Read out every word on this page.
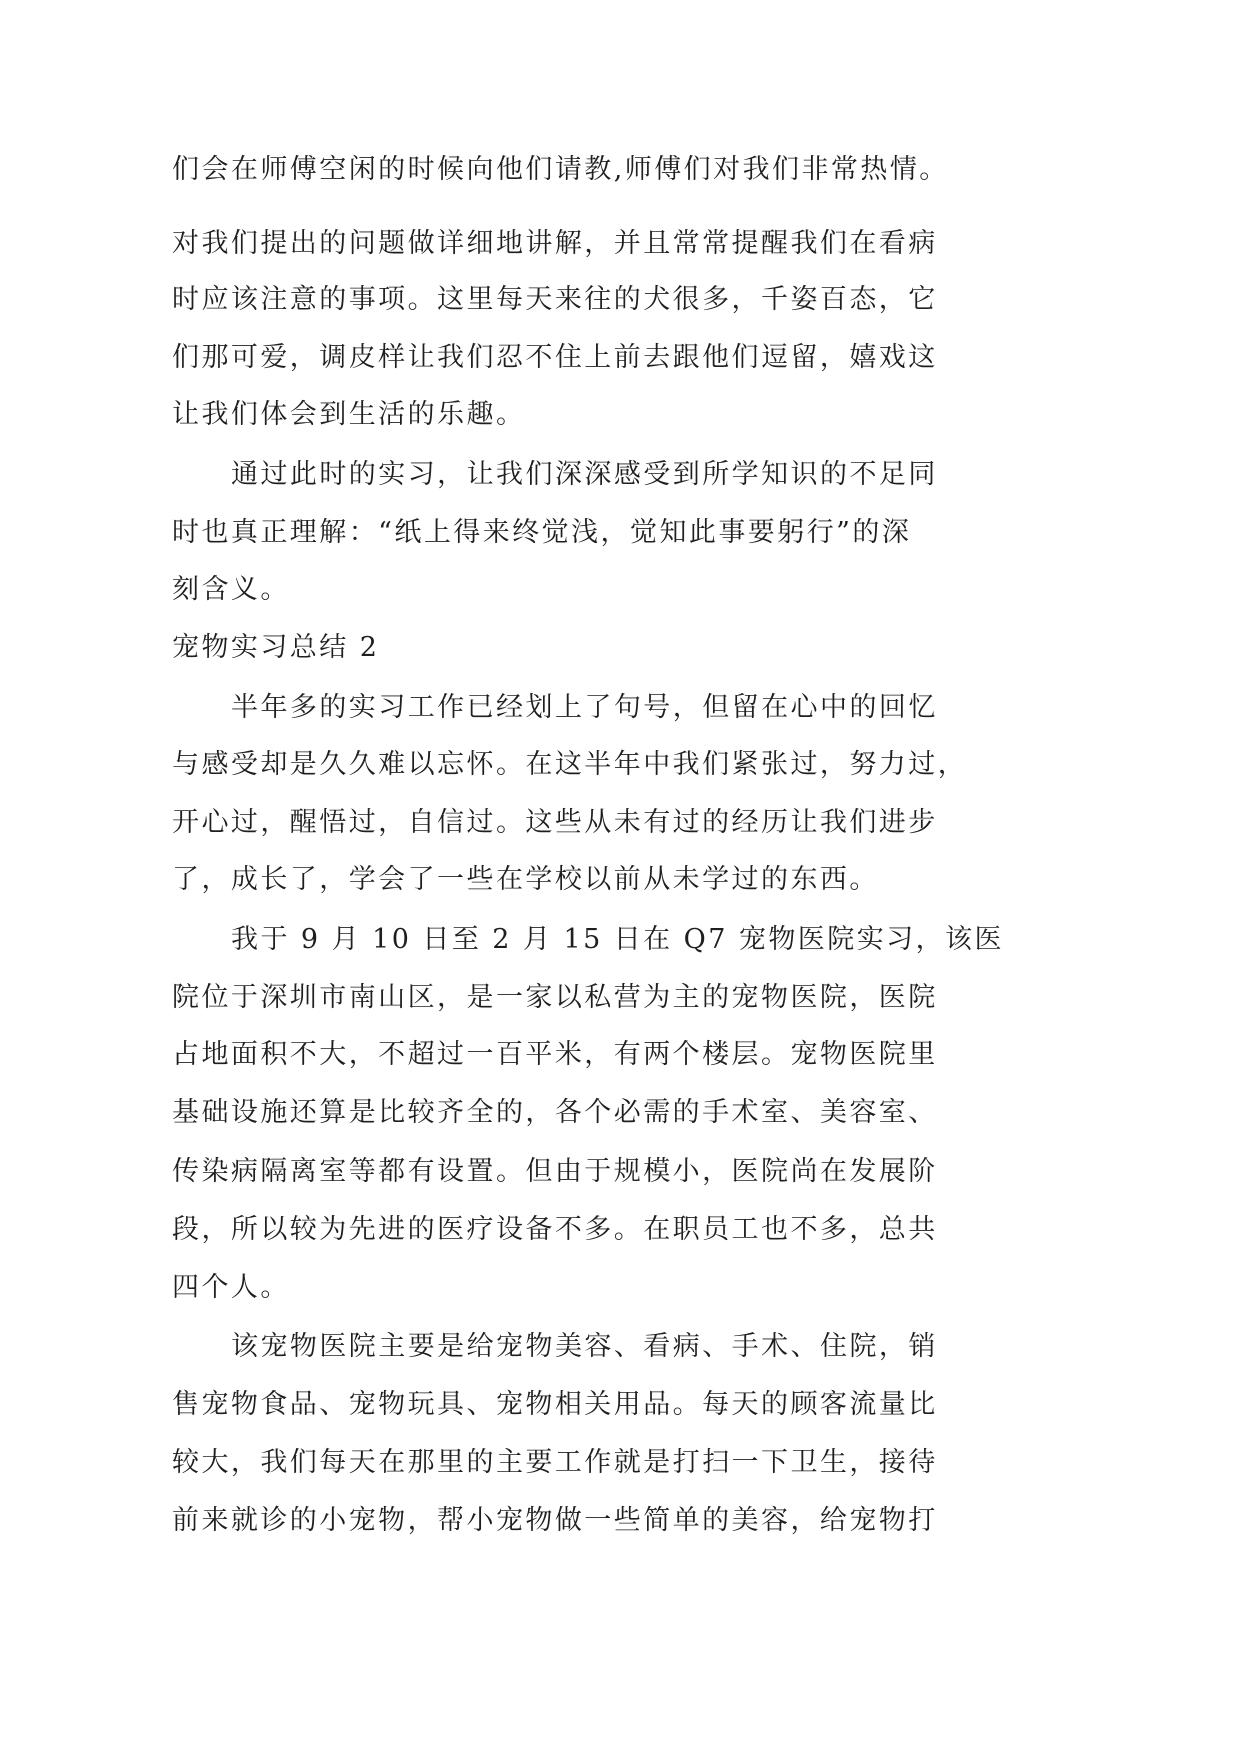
们会在师傅空闲的时候向他们请教,师傅们对我们非常热情。
对我们提出的问题做详细地讲解，并且常常提醒我们在看病
时应该注意的事项。这里每天来往的犬很多，千姿百态，它
们那可爱，调皮样让我们忍不住上前去跟他们逗留，嬉戏这
让我们体会到生活的乐趣。
通过此时的实习，让我们深深感受到所学知识的不足同
时也真正理解：“纸上得来终觉浅，觉知此事要躬行”的深
刻含义。
宠物实习总结 2
半年多的实习工作已经划上了句号，但留在心中的回忆
与感受却是久久难以忘怀。在这半年中我们紧张过，努力过，
开心过，醒悟过，自信过。这些从未有过的经历让我们进步
了，成长了，学会了一些在学校以前从未学过的东西。
我于 9 月 10 日至 2 月 15 日在 Q7 宠物医院实习，该医
院位于深圳市南山区，是一家以私营为主的宠物医院，医院
占地面积不大，不超过一百平米，有两个楼层。宠物医院里
基础设施还算是比较齐全的，各个必需的手术室、美容室、
传染病隔离室等都有设置。但由于规模小，医院尚在发展阶
段，所以较为先进的医疗设备不多。在职员工也不多，总共
四个人。
该宠物医院主要是给宠物美容、看病、手术、住院，销
售宠物食品、宠物玩具、宠物相关用品。每天的顾客流量比
较大，我们每天在那里的主要工作就是打扫一下卫生，接待
前来就诊的小宠物，帮小宠物做一些简单的美容，给宠物打
